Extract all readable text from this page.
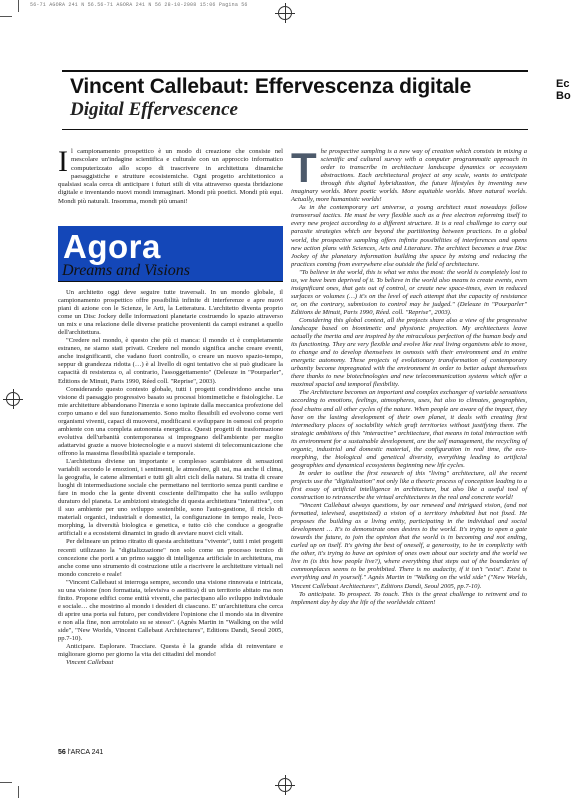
56-71 AGORA 241 N 56.56-71 AGORA 241 N 56 28-10-2008 15:06 Pagina 56
Vincent Callebaut: Effervescenza digitale
Digital Effervescence
Ec
Bo
Il campionamento prospettico è un modo di creazione che consiste nel mescolare un'indagine scientifica e culturale con un approccio informatico computerizzato allo scopo di trascrivere in architettura dinamiche paesaggistiche e strutture ecosistemiche. Ogni progetto architettonico a qualsiasi scala cerca di anticipare i futuri stili di vita attraverso questa ibridazione digitale e inventando nuovi mondi immaginari. Mondi più poetici. Mondi più equi. Mondi più naturali. Insomma, mondi più umani!
Agora
Dreams and Visions

Un architetto oggi deve seguire tutte traversali. In un mondo globale, il campionamento prospettico offre possibilità infinite di interferenze e apre nuovi piani di azione con le Scienze, le Arti, la Letteratura. L'architetto diventa proprio come un Disc Jockey delle informazioni planetarie costruendo lo spazio attraverso un mix e una relazione delle diverse pratiche provenienti da campi estranei a quello dell'architettura.

"Credere nel mondo, è questo che più ci manca: il mondo ci è completamente estraneo, ne siamo stati privati. Credere nel mondo significa anche creare eventi, anche insignificanti, che vadano fuori controllo, o creare un nuovo spazio-tempo, seppur di grandezza ridotta (…) è al livello di ogni tentativo che si può giudicare la capacità di resistenza o, al contrario, l'assoggettamento" (Deleuze in "Pourparler", Editions de Minuit, Paris 1990, Réed coll. "Reprise", 2003).

Considerando questo contesto globale, tutti i progetti condividono anche una visione di paesaggio progressivo basato su processi biomimetiche e fisiologiche. Le mie architetture abbandonano l'inerzia e sono ispirate dalla meccanica profezione del corpo umano e del suo funzionamento. Sono molto flessibili ed evolvono come veri organismi viventi, capaci di muoversi, modificarsi e sviluppare in osmosi col proprio ambiente con una completa autonomia energetica. Questi progetti di trasformazione evolutiva dell'urbanità contemporanea si impregnano dell'ambiente per meglio adattarvisi grazie a nuove biotecnologie e a nuovi sistemi di telecomunicazione che offrono la massima flessibilità spaziale e temporale.

L'architettura diviene un importante e complesso scambiatore di sensazioni variabili secondo le emozioni, i sentimenti, le atmosfere, gli usi, ma anche il clima, la geografia, le catene alimentari e tutti gli altri cicli della natura. Si tratta di creare luoghi di intermediazione sociale che permettano nel territorio senza punti cardine e fare in modo che la gente diventi cosciente dell'impatto che ha sullo sviluppo duraturo del pianeta. Le ambizioni strategiche di questa architettura "interattiva", con il suo ambiente per uno sviluppo sostenibile, sono l'auto-gestione, il riciclo di materiali organici, industriali e domestici, la configurazione in tempo reale, l'eco-morphing, la diversità biologica e genetica, e tutto ciò che conduce a geografie artificiali e a ecosistemi dinamici in grado di avviare nuovi cicli vitali.

Per delineare un primo ritratto di questa architettura "vivente", tutti i miei progetti recenti utilizzano la "digitalizzazione" non solo come un processo tecnico di concezione che porti a un primo saggio di intelligenza artificiale in architettura, ma anche come uno strumento di costruzione utile a riscrivere le architetture virtuali nel mondo concreto e reale!

"Vincent Callebaut si interroga sempre, secondo una visione rinnovata e intricata, su una visione (non formattata, televisiva o asettica) di un territorio abitato ma non finito. Propone edifici come entità viventi, che partecipano allo sviluppo individuale e sociale… che mostrino al mondo i desideri di ciascuno. E' un'architettura che cerca di aprire una porta sul futuro, per condividere l'opinione che il mondo sia in divenire e non alla fine, non arrotolato su se stesso". (Agnès Martin in "Walking on the wild side", "New Worlds, Vincent Callebaut Architectures", Editions Dandi, Seoul 2005, pp.7-10).

Anticipare. Esplorare. Tracciare. Questa è la grande sfida di reinventare e migliorare giorno per giorno la vita dei cittadini del mondo!

Vincent Callebaut

The prospective sampling is a new way of creation which consists in mixing a scientific and cultural survey with a computer programmatic approach in order to transcribe in architecture landscape dynamics or ecosystem abstractions. Each architectural project at any scale, wants to anticipate through this digital hybridization, the future lifestyles by inventing new imaginary worlds. More poetic worlds. More equitable worlds. More natural worlds. Actually, more humanistic worlds!

As in the contemporary art universe, a young architect must nowadays follow transversal tactics. He must be very flexible such as a free electron reforming itself to every new project according to a different structure. It is a real challenge to carry out parasite strategies which are beyond the partitioning between practices. In a global world, the prospective sampling offers infinite possibilities of interferences and opens new action plans with Sciences, Arts and Literature. The architect becomes a true Disc Jockey of the planetary information building the space by mixing and reducing the practices coming from everywhere else outside the field of architecture.

"To believe in the world, this is what we miss the most: the world is completely lost to us, we have been deprived of it. To believe in the world also means to create events, even insignificant ones, that gets out of control, or create new space-times, even in reduced surfaces or volumes (…) it's on the level of each attempt that the capacity of resistance or, on the contrary, submission to control may be judged." (Deleuze in "Pourparler" Editions de Minuit, Paris 1990, Réed. coll. "Reprise", 2003).

Considering this global context, all the projects share also a view of the progressive landscape based on biomimetic and physionic projection. My architectures leave actually the inertia and are inspired by the miraculous perfection of the human body and its functioning. They are very flexible and evolve like real living organisms able to move, to change and to develop themselves in osmosis with their environment and in entire energetic autonomy. These projects of evolutionary transformation of contemporary urbanity become impregnated with the environment in order to better adapt themselves there thanks to new biotechnologies and new telecommunication systems which offer a maximal spacial and temporal flexibility.

The Architecture becomes an important and complex exchanger of variable sensations according to emotions, feelings, atmospheres, uses, but also to climates, geographies, food chains and all other cycles of the nature. When people are aware of the impact, they have on the lasting development of their own planet, it deals with creating first intermediary places of sociability which graft territories without justifying them. The strategic ambitions of this "interactive" architecture, that means in total interaction with its environment for a sustainable development, are the self management, the recycling of organic, industrial and domestic material, the configuration in real time, the eco-morphing, the biological and genetical diversity, everything leading to artificial geographies and dynamical ecosystems beginning new life cycles.

In order to outline the first research of this "living" architecture, all the recent projects use the "digitalization" not only like a theoric process of conception leading to a first essay of artificial intelligence in architecture, but also like a useful tool of construction to retranscribe the virtual architectures in the real and concrete world!

"Vincent Callebaut always questions, by our renewed and intrigued vision, (and not formatted, televised, aseptisized) a vision of a territory inhabited but not fixed. He proposes the building as a living entity, participating in the individual and social development … It's to demonstrate ones desires to the world. It's trying to open a gate towards the future, to join the opinion that the world is in becoming and not ending, curled up on itself. It's giving the best of oneself, a generosity, to be in complicity with the other, it's trying to have an opinion of ones own about our society and the world we live in (is this how people live?), where everything that steps out of the boundaries of commonplaces seems to be prohibited. There is no audacity, if it isn't "exist". Exist is everything and in yourself." Agnès Martin in "Walking on the wild side" ("New Worlds, Vincent Callebaut Architectures", Editions Dandi, Seoul 2005, pp.7-10).

To anticipate. To prospect. To touch. This is the great challenge to reinvent and to implement day by day the life of the worldwide citizen!

56 l'ARCA 241
